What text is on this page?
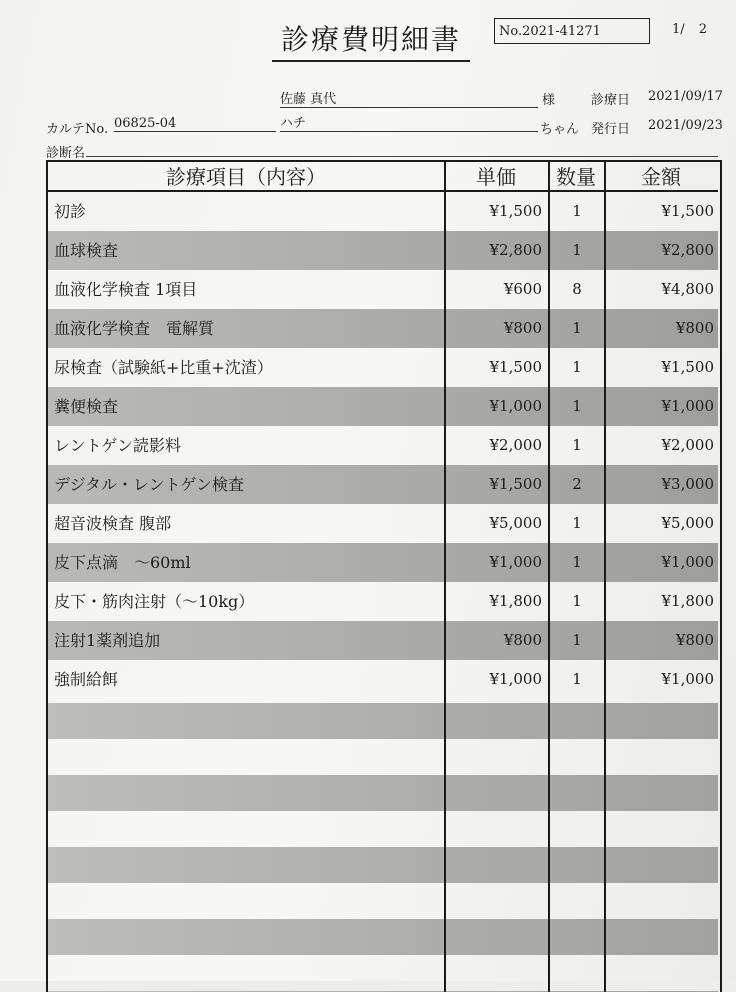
診療費明細書	No.2021-41271	1/ 2
佐藤 真代	様	診療日 2021/09/17
カルテNo. 06825-04	ハチ	ちゃん 発行日 2021/09/23
診断名
診療項目（内容）	単価	数量	金額
初診	¥1,500	1	¥1,500
血球検査	¥2,800	1	¥2,800
血液化学検査 1項目	¥600	8	¥4,800
血液化学検査　電解質	¥800	1	¥800
尿検査（試験紙+比重+沈渣）	¥1,500	1	¥1,500
糞便検査	¥1,000	1	¥1,000
レントゲン読影料	¥2,000	1	¥2,000
デジタル・レントゲン検査	¥1,500	2	¥3,000
超音波検査 腹部	¥5,000	1	¥5,000
皮下点滴　～60ml	¥1,000	1	¥1,000
皮下・筋肉注射（～10kg）	¥1,800	1	¥1,800
注射1薬剤追加	¥800	1	¥800
強制給餌	¥1,000	1	¥1,000
